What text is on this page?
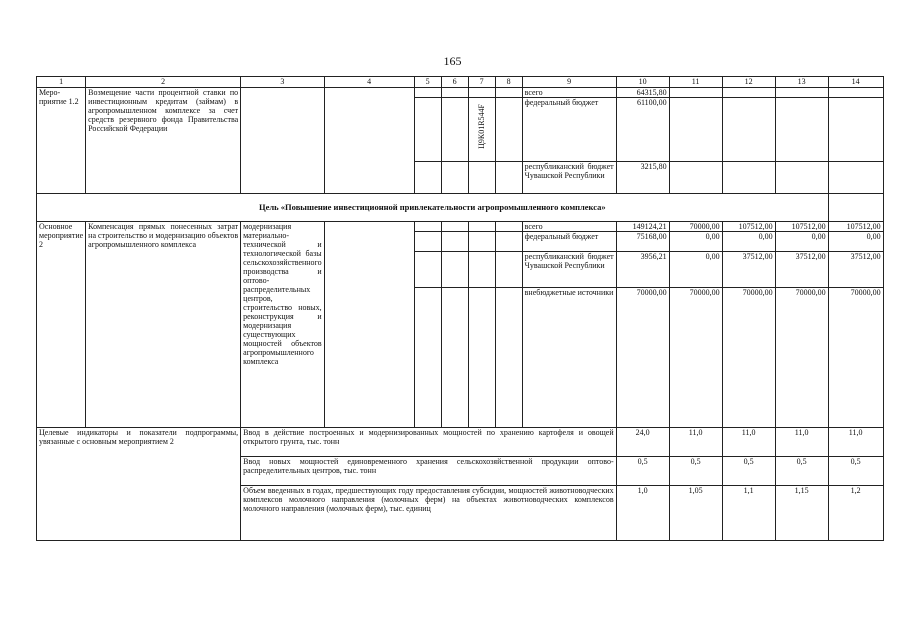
165
1	2	3	4	5	6	7	8	9	10	11	12	13	14
Меро-приятие 1.2	Возмещение части процентной ставки по инвестиционным кредитам (займам) в агропромышленном комплексе за счет средств резервного фонда Правительства Российской Федерации							всего	64315,80				

						Ц9К01R544F		федеральный бюджет	61100,00				
								республиканский бюджет Чувашской Республики	3215,80				
Цель «Повышение инвестиционной привлекательности агропромышленного комплекса»													
Основное мероприятие 2	Компенсация прямых понесенных затрат на строительство и модернизацию объектов агропромышленного комплекса	модернизация материально-технической и технологической базы сельскохозяйственного производства и оптово-распределительных центров, строительство новых, реконструкция и модернизация существующих мощностей объектов агропромышленного комплекса						всего	149124,21	70000,00	107512,00	107512,00	107512,00
								федеральный бюджет	75168,00	0,00	0,00	0,00	0,00
								республиканский бюджет Чувашской Республики	3956,21	0,00	37512,00	37512,00	37512,00
								внебюджетные источники	70000,00	70000,00	70000,00	70000,00	70000,00
Целевые индикаторы и показатели подпрограммы, увязанные с основным мероприятием 2		Ввод в действие построенных и модернизированных мощностей по хранению картофеля и овощей открытого грунта, тыс. тонн							24,0	11,0	11,0	11,0	11,0
		Ввод новых мощностей единовременного хранения сельскохозяйственной продукции оптово-распределительных центров, тыс. тонн							0,5	0,5	0,5	0,5	0,5
		Объем введенных в годах, предшествующих году предоставления субсидии, мощностей животноводческих комплексов молочного направления (молочных ферм) на объектах животноводческих комплексов молочного направления (молочных ферм), тыс. единиц							1,0	1,05	1,1	1,15	1,2
